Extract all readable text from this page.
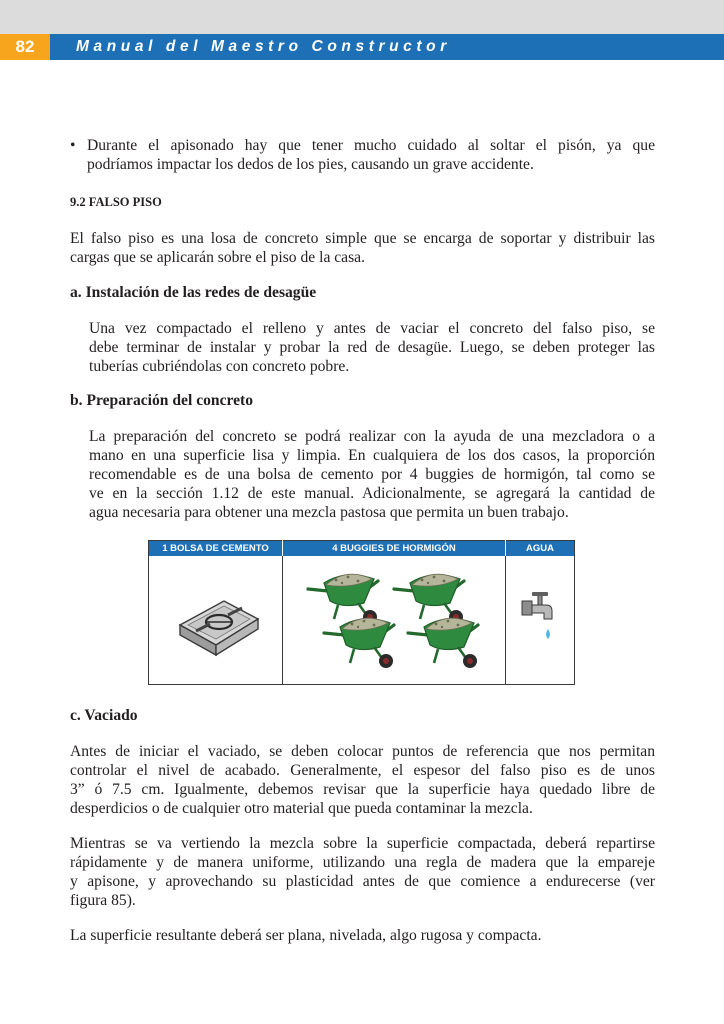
82	Manual del Maestro Constructor
• Durante el apisonado hay que tener mucho cuidado al soltar el pisón, ya que

podríamos impactar los dedos de los pies, causando un grave accidente.

9.2 FALSO PISO

El falso piso es una losa de concreto simple que se encarga de soportar y distribuir las

cargas que se aplicarán sobre el piso de la casa.

a. Instalación de las redes de desagüe

Una vez compactado el relleno y antes de vaciar el concreto del falso piso, se

debe terminar de instalar y probar la red de desagüe. Luego, se deben proteger las

tuberías cubriéndolas con concreto pobre.

b. Preparación del concreto

La preparación del concreto se podrá realizar con la ayuda de una mezcladora o a

mano en una superficie lisa y limpia. En cualquiera de los dos casos, la proporción

recomendable es de una bolsa de cemento por 4 buggies de hormigón, tal como se

ve en la sección 1.12 de este manual. Adicionalmente, se agregará la cantidad de

agua necesaria para obtener una mezcla pastosa que permita un buen trabajo.

1 BOLSA DE CEMENTO	4 BUGGIES DE HORMIGÓN	AGUA

c. Vaciado

Antes de iniciar el vaciado, se deben colocar puntos de referencia que nos permitan

controlar el nivel de acabado. Generalmente, el espesor del falso piso es de unos

3” ó 7.5 cm. Igualmente, debemos revisar que la superficie haya quedado libre de

desperdicios o de cualquier otro material que pueda contaminar la mezcla.

Mientras se va vertiendo la mezcla sobre la superficie compactada, deberá repartirse

rápidamente y de manera uniforme, utilizando una regla de madera que la empareje

y apisone, y aprovechando su plasticidad antes de que comience a endurecerse (ver

figura 85).

La superficie resultante deberá ser plana, nivelada, algo rugosa y compacta.
